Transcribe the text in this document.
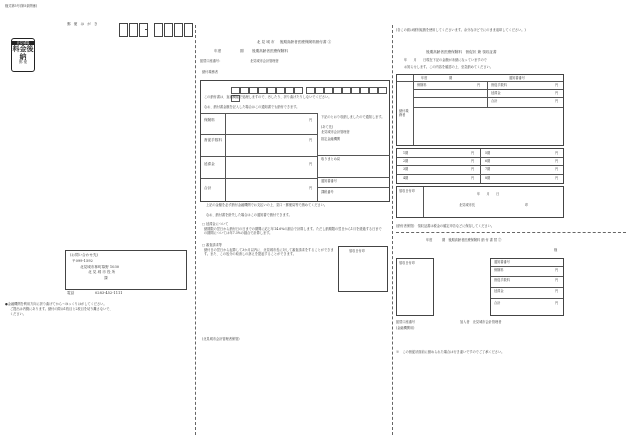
様式第5号(第5条関係)
郵 便 は が き
北見城場
料金後納
郵 便

(お問い合わせ先)
〒099-1592
北見城市林町幕野 1030
北 見 城 市 役 所
課
電話	0283-452-1111
●金融機関を利用方向に折り曲げてから〜ゆっくりはがしてください。
ご提出は内側にあります。納付の際は1枚目と2枚目を切り離さないで、
ください。
北 見 城 市 後期高齢者医療保険料納付書 ①
年度	期 後期高齢者医療保険料
振替口座番号：	北見城市会計管理者
納付義務者
この納付書は、直前機能で処理しますので、汚したり、折り曲げたりしないでください。
なお、納付書金額を記入した場合はこの通知書でも納付できます。
保険料	円
督促手数料	円
延滞金	円
合計	円
下記のとおり収納しましたので通知します。
(あて先)
北見城市会計管理者
指定金融機関
取りまとめ局
通知書番号
課税番号
上記の金額を必ず納付金融機関でお支払いの上、窓口・郵便局等で納めてください。
なお、納付書を紛失した場合はこの通知書で納付できます。
□ 延滞金について
納期限の翌日から納付日の日までの期間に応じ年14.6%の割合で計算します。ただし納期限の翌日から1月を経過する日までの期間については年7.3%の割合で計算します。
□ 審査請求等
納付日の翌日から起算して3か月以内に、北見城市長に対して審査請求をすることができます。また、この処分の取消しの訴えを提起することができます。
領収日付印
(北見城市会計管理者保管)
(各この面は個別返納を使用してくださいます。余分なほどでにのまま返却してください。)
後期高齢者医療保険料　督促状 兼 領収証書
年　　月　　日現在下記の金額が未納になっていますので
お知らせします。この内容を確認の上、至急納めてください。
年度	期	通知書番号
納付義務者
保険料	円	督促手数料	円
延滞金	円
合計	円
1期	円	5期	円
2期	円	6期	円
3期	円	7期	円
4期	円	8期	円
領収日付印
年　　月　　日
北見城市長	印
(納付者保管)　領収証書は税金の確定申告などに保存してください。
年度	期　後期高齢者医療保険料 納 付 書 替 ②
様
領収日付印	通知書番号
保険料	円
督促手数料	円
延滞金	円
合計	円
振替口座番号
(金融機関用)
加入者　北見城市会計管理者
※　この督促状面前に納められた場合は行き違いですのでご了承ください。
